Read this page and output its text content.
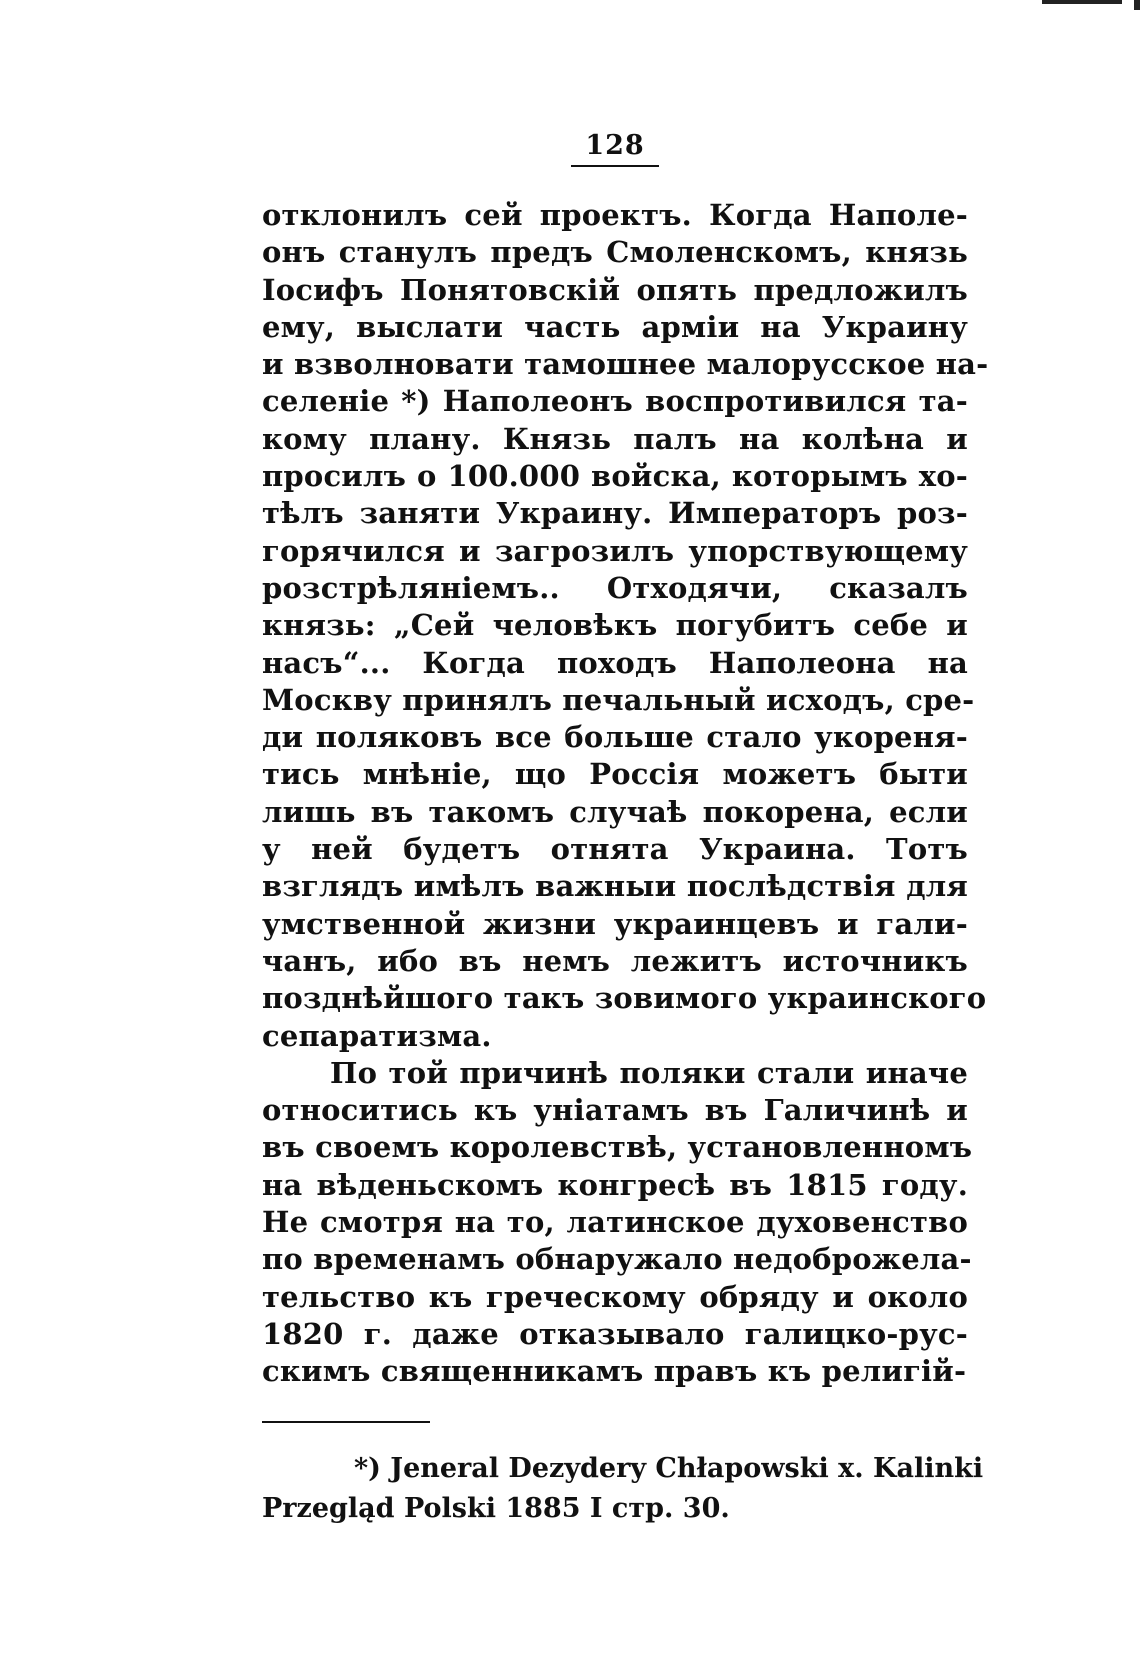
128
отклонилъ сей проектъ. Когда Наполе-
онъ станулъ предъ Смоленскомъ, князь
Іосифъ Понятовскій опять предложилъ
ему, выслати часть арміи на Украину
и взволновати тамошнее малорусское на-
селеніе *) Наполеонъ воспротивился та-
кому плану. Князь палъ на колѣна и
просилъ о 100.000 войска, которымъ хо-
тѣлъ заняти Украину. Императоръ роз-
горячился и загрозилъ упорствующему
розстрѣляніемъ.. Отходячи, сказалъ
князь: „Сей человѣкъ погубитъ себе и
насъ“... Когда походъ Наполеона на
Москву принялъ печальный исходъ, сре-
ди поляковъ все больше стало укореня-
тись мнѣніе, що Россія можетъ быти
лишь въ такомъ случаѣ покорена, если
у ней будетъ отнята Украина. Тотъ
взглядъ имѣлъ важныи послѣдствія для
умственной жизни украинцевъ и гали-
чанъ, ибо въ немъ лежитъ источникъ
позднѣйшого такъ зовимого украинского
сепаратизма.
По той причинѣ поляки стали иначе
относитись къ уніатамъ въ Галичинѣ и
въ своемъ королевствѣ, установленномъ
на вѣденьскомъ конгресѣ въ 1815 году.
Не смотря на то, латинское духовенство
по временамъ обнаружало недоброжела-
тельство къ греческому обряду и около
1820 г. даже отказывало галицко-рус-
скимъ священникамъ правъ къ религій-
*) Jeneral Dezydery Chłapowski x. Kalinki
Przegląd Polski 1885 I стр. 30.
